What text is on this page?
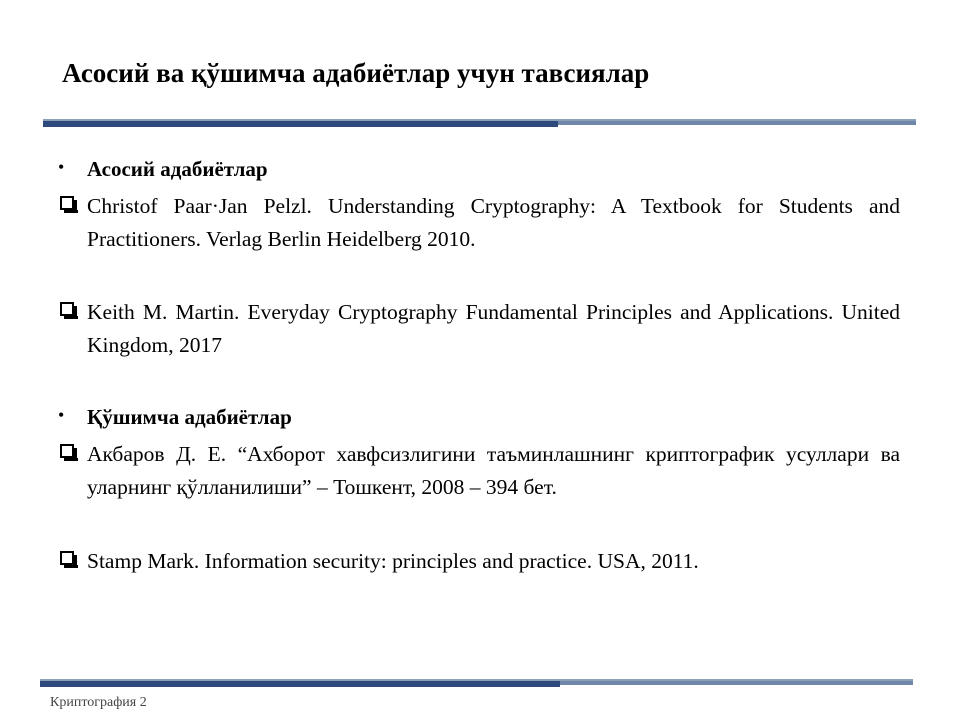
Асосий ва қўшимча адабиётлар учун тавсиялар
• Асосий адабиётлар
Christof Paar·Jan Pelzl. Understanding Cryptography: A Textbook for Students and Practitioners. Verlag Berlin Heidelberg 2010.
Keith M. Martin. Everyday Cryptography Fundamental Principles and Applications. United Kingdom, 2017
• Қўшимча адабиётлар
Акбаров Д. Е. “Ахборот хавфсизлигини таъминлашнинг криптографик усуллари ва уларнинг қўлланилиши” – Тошкент, 2008 – 394 бет.
Stamp Mark. Information security: principles and practice. USA, 2011.
Криптография 2
